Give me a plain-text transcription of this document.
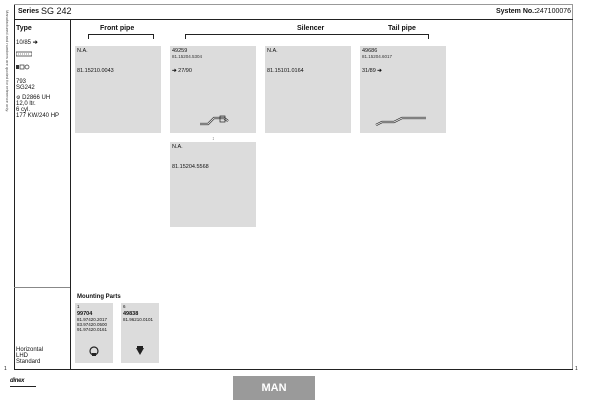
Manufactured and numbers are quoted for reference only. Series SG 242	System No.: 247100076
Type
10/85 ➔
793
SG242
⚙ D2866 UH
12,0 ltr.
6 cyl.
177 KW/240 HP
Horizontal
LHD
Standard
Front pipe	Silencer	Tail pipe
N.A.
81.15210.0043
49259
81.15204.5304
➔ 27/90
N.A.
81.15101.0164
49686
81.15204.6017
31/89 ➔
↕
N.A.
81.15204.5568
Mounting Parts
1
99704
81.97420.2017
83.97420.0500
91.97420.0161
6
49838
81.96210.0101
1	1
dinex
MAN
